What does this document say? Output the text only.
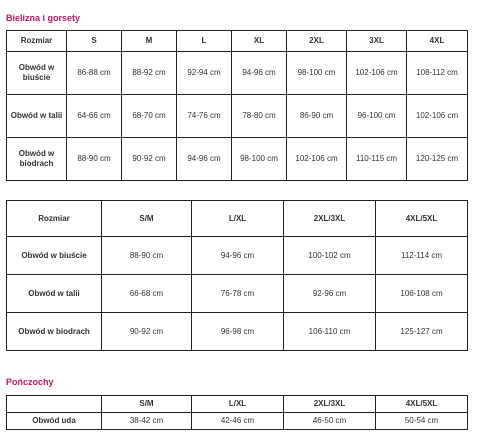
Bielizna i gorsety
Rozmiar	S	M	L	XL	2XL	3XL	4XL
Obwód w biuście	86-88 cm	88-92 cm	92-94 cm	94-96 cm	98-100 cm	102-106 cm	108-112 cm
Obwód w talii	64-66 cm	68-70 cm	74-76 cm	78-80 cm	86-90 cm	96-100 cm	102-106 cm
Obwód w biodrach	88-90 cm	90-92 cm	94-96 cm	98-100 cm	102-106 cm	110-115 cm	120-125 cm
Rozmiar	S/M	L/XL	2XL/3XL	4XL/5XL
Obwód w biuście	88-90 cm	94-96 cm	100-102 cm	112-114 cm
Obwód w talii	66-68 cm	76-78 cm	92-96 cm	106-108 cm
Obwód w biodrach	90-92 cm	96-98 cm	106-110 cm	125-127 cm
Pończochy
	S/M	L/XL	2XL/3XL	4XL/5XL
Obwód uda	38-42 cm	42-46 cm	46-50 cm	50-54 cm
